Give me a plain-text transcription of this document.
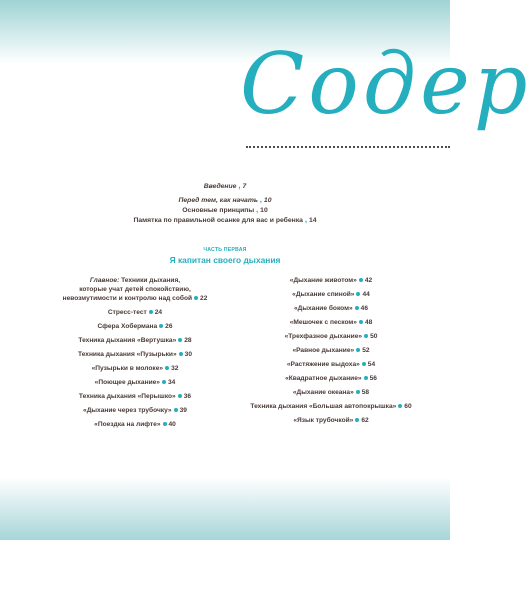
Содер
Введение , 7
Перед тем, как начать , 10
Основные принципы , 10
Памятка по правильной осанке для вас и ребенка , 14
ЧАСТЬ ПЕРВАЯ
Я капитан своего дыхания
Главное: Техники дыхания,
которые учат детей спокойствию,
невозмутимости и контролю над собой 22
Стресс-тест 24
Сфера Хобермана 26
Техника дыхания «Вертушка» 28
Техника дыхания «Пузырьки» 30
«Пузырьки в молоке» 32
«Поющее дыхание» 34
Техника дыхания «Перышко» 36
«Дыхание через трубочку» 39
«Поездка на лифте» 40
«Дыхание животом» 42
«Дыхание спиной» 44
«Дыхание боком» 46
«Мешочек с песком» 48
«Трехфазное дыхание» 50
«Равное дыхание» 52
«Растяжение выдоха» 54
«Квадратное дыхание» 56
«Дыхание океана» 58
Техника дыхания «Большая автопокрышка» 60
«Язык трубочкой» 62
